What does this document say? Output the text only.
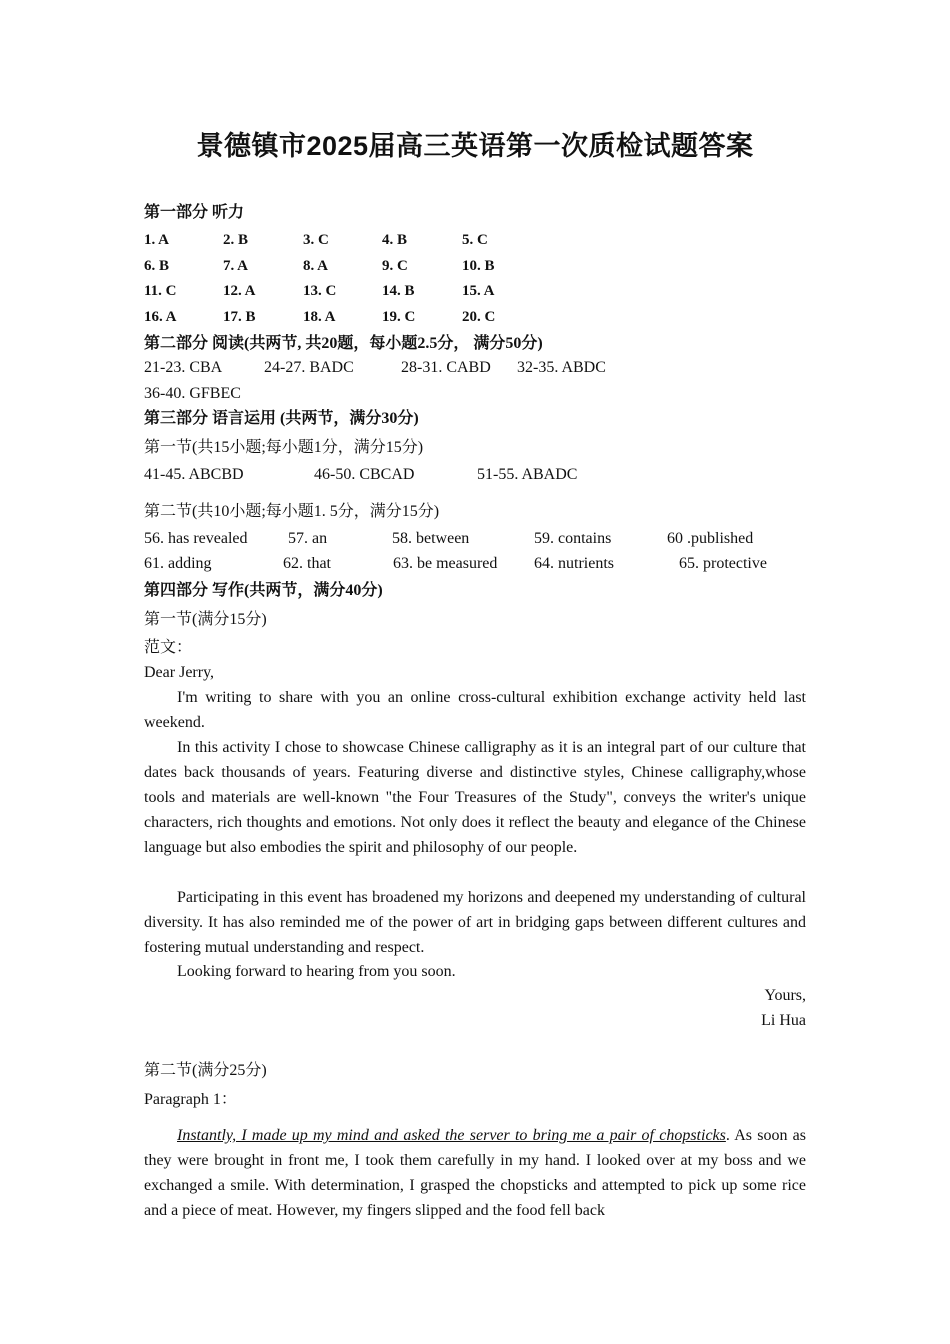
景德镇市2025届高三英语第一次质检试题答案
第一部分 听力
1. A	2. B	3. C	4. B	5. C
6. B	7. A	8. A	9. C	10. B
11. C	12. A	13. C	14. B	15. A
16. A	17. B	18. A	19. C	20. C
第二部分 阅读(共两节, 共20题，每小题2.5分， 满分50分)
21-23. CBA	24-27. BADC	28-31. CABD 32-35. ABDC
36-40. GFBEC
第三部分 语言运用 (共两节，满分30分)
第一节(共15小题;每小题1分，满分15分)
41-45. ABCBD	46-50. CBCAD	51-55. ABADC
第二节(共10小题;每小题1. 5分，满分15分)
56. has revealed	57. an	58. between	59. contains	60 .published
61. adding	62. that	63. be measured 64. nutrients	65. protective
第四部分 写作(共两节，满分40分)
第一节(满分15分)
范文：
Dear Jerry,

I'm writing to share with you an online cross-cultural exhibition exchange activity held last weekend.

In this activity I chose to showcase Chinese calligraphy as it is an integral part of our culture that dates back thousands of years. Featuring diverse and distinctive styles, Chinese calligraphy,whose tools and materials are well-known "the Four Treasures of the Study", conveys the writer's unique characters, rich thoughts and emotions. Not only does it reflect the beauty and elegance of the Chinese language but also embodies the spirit and philosophy of our people.

Participating in this event has broadened my horizons and deepened my understanding of cultural diversity. It has also reminded me of the power of art in bridging gaps between different cultures and fostering mutual understanding and respect.

Looking forward to hearing from you soon.

Yours,
Li Hua
第二节(满分25分)
Paragraph 1：

Instantly, I made up my mind and asked the server to bring me a pair of chopsticks. As soon as they were brought in front me, I took them carefully in my hand. I looked over at my boss and we exchanged a smile. With determination, I grasped the chopsticks and attempted to pick up some rice and a piece of meat. However, my fingers slipped and the food fell back
